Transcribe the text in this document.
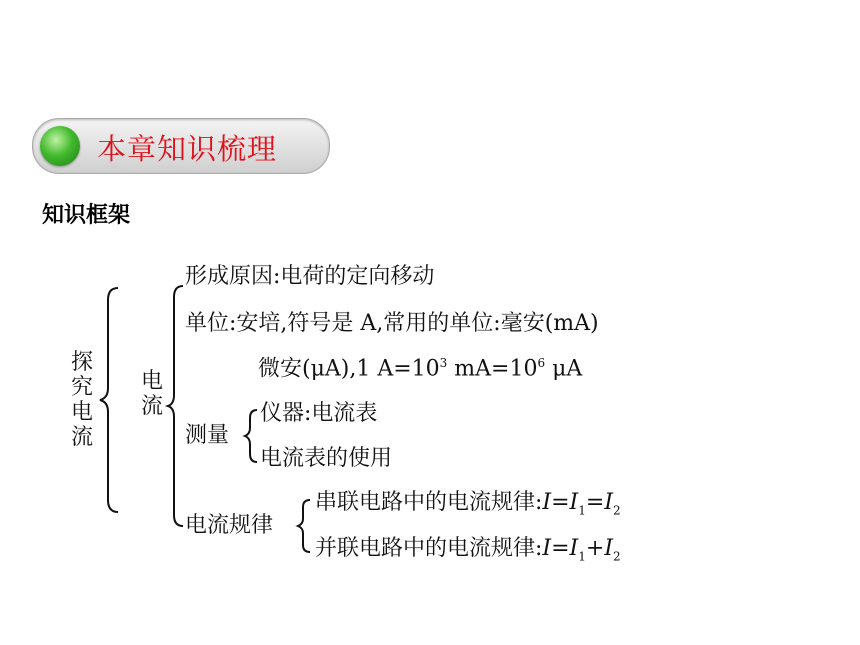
本章知识梳理
知识框架
探究电流
电流
形成原因:电荷的定向移动
单位:安培,符号是 A,常用的单位:毫安(mA)
微安(μA),1 $A=10^3$ $mA=10^6$ μA
测量
仪器:电流表
电流表的使用
电流规律
串联电路中的电流规律$:I=I_1=I_2$
并联电路中的电流规律$:I=I_1+I_2$
